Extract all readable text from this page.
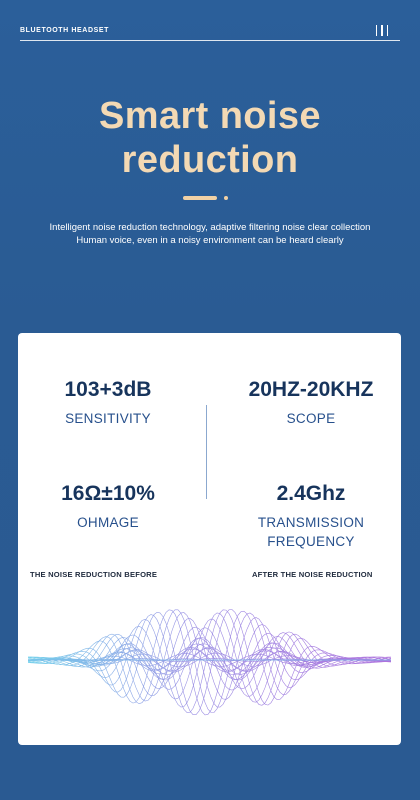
BLUETOOTH HEADSET
Smart noise
reduction
Intelligent noise reduction technology, adaptive filtering noise clear collection
Human voice, even in a noisy environment can be heard clearly
103+3dB
SENSITIVITY
20HZ-20KHZ
SCOPE
16Ω±10%
OHMAGE
2.4Ghz
TRANSMISSION
FREQUENCY
THE NOISE REDUCTION BEFORE	AFTER THE NOISE REDUCTION
